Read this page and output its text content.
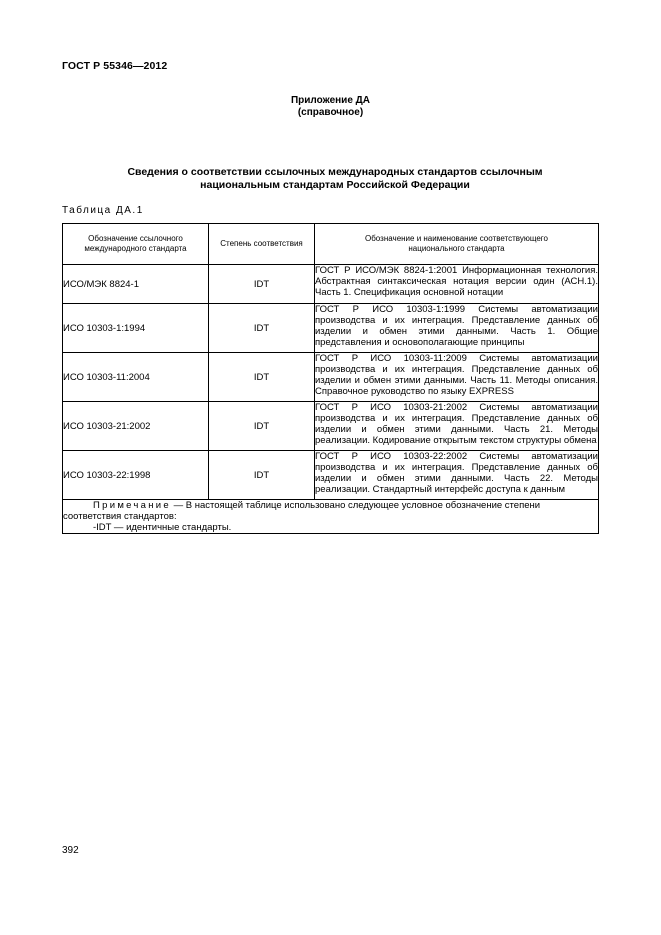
ГОСТ Р 55346—2012
Приложение ДА
(справочное)
Сведения о соответствии ссылочных международных стандартов ссылочным
национальным стандартам Российской Федерации
Таблица ДА.1
Обозначение ссылочного международного стандарта	Степень соответствия	Обозначение и наименование соответствующего национального стандарта
ИСО/МЭК 8824-1	IDT	ГОСТ Р ИСО/МЭК 8824-1:2001 Информационная технология. Абстрактная синтаксическая нотация версии один (АСН.1). Часть 1. Спецификация основной нотации
ИСО 10303-1:1994	IDT	ГОСТ Р ИСО 10303-1:1999 Системы автоматизации производства и их интеграция. Представление данных об изделии и обмен этими данными. Часть 1. Общие представления и основополагающие принципы
ИСО 10303-11:2004	IDT	ГОСТ Р ИСО 10303-11:2009 Системы автоматизации производства и их интеграция. Представление данных об изделии и обмен этими данными. Часть 11. Методы описания. Справочное руководство по языку EXPRESS
ИСО 10303-21:2002	IDT	ГОСТ Р ИСО 10303-21:2002 Системы автоматизации производства и их интеграция. Представление данных об изделии и обмен этими данными. Часть 21. Методы реализации. Кодирование открытым текстом структуры обмена
ИСО 10303-22:1998	IDT	ГОСТ Р ИСО 10303-22:2002 Системы автоматизации производства и их интеграция. Представление данных об изделии и обмен этими данными. Часть 22. Методы реализации. Стандартный интерфейс доступа к данным
Примечание — В настоящей таблице использовано следующее условное обозначение степени соответствия стандартов:
-IDT — идентичные стандарты.		
392
